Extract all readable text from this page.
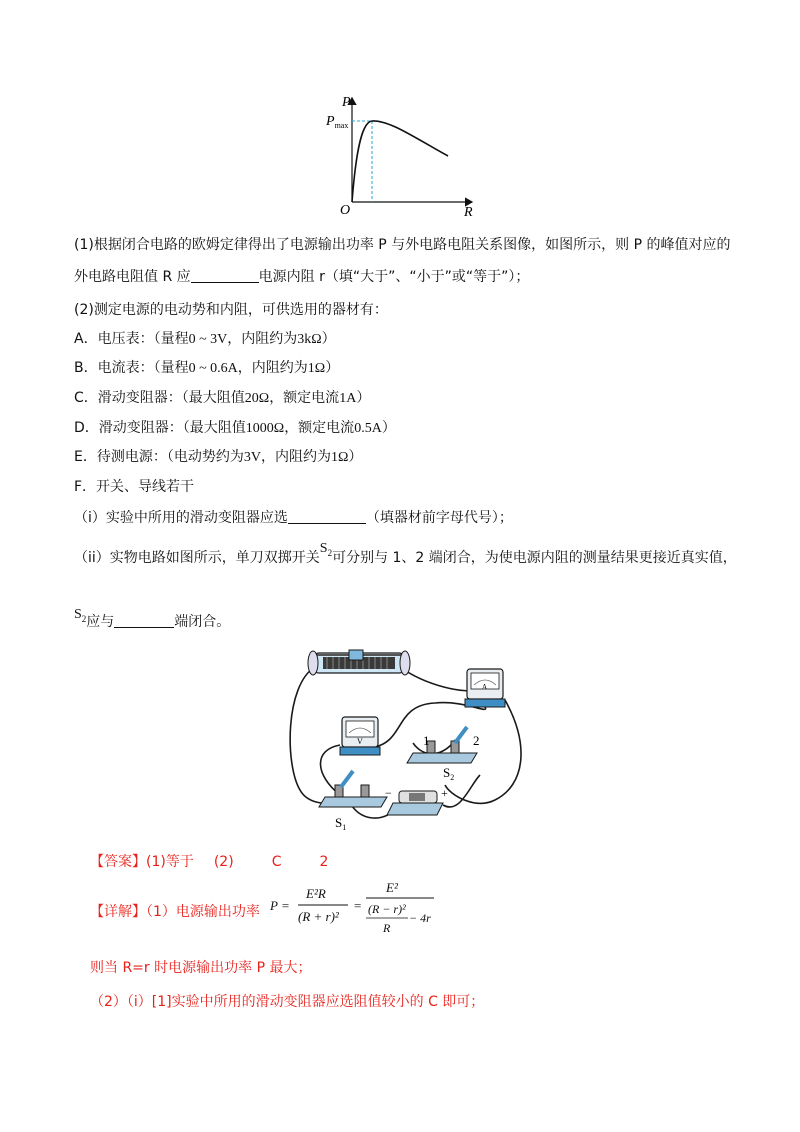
P
$P_{max}$
O	R
(1)根据闭合电路的欧姆定律得出了电源输出功率 P 与外电路电阻关系图像，如图所示，则 P 的峰值对应的
外电路电阻值 R 应	电源内阻 r（填“大于”、“小于”或“等于”）；
(2)测定电源的电动势和内阻，可供选用的器材有：
A．电压表：（量程0 ~ 3V，内阻约为3kΩ）
B．电流表：（量程0 ~ 0.6A，内阻约为1Ω）
C．滑动变阻器：（最大阻值20Ω，额定电流1A）
D．滑动变阻器：（最大阻值1000Ω，额定电流0.5A）
E．待测电源：（电动势约为3V，内阻约为1Ω）
F．开关、导线若干
（i）实验中所用的滑动变阻器应选	（填器材前字母代号）；
（ii）实物电路如图所示，单刀双掷开关$S_2$可分别与 1、2 端闭合，为使电源内阻的测量结果更接近真实值，
$S_2$应与	端闭合。
A
V	1	2
$S_2$
$S_1$
−	+
【答案】(1)等于 (2)	C	2
【详解】（1）电源输出功率 P =
E²R
(R + r)²
=
E²
(R − r)²
R
− 4r
则当 R=r 时电源输出功率 P 最大；
（2）（i）[1]实验中所用的滑动变阻器应选阻值较小的 C 即可；
